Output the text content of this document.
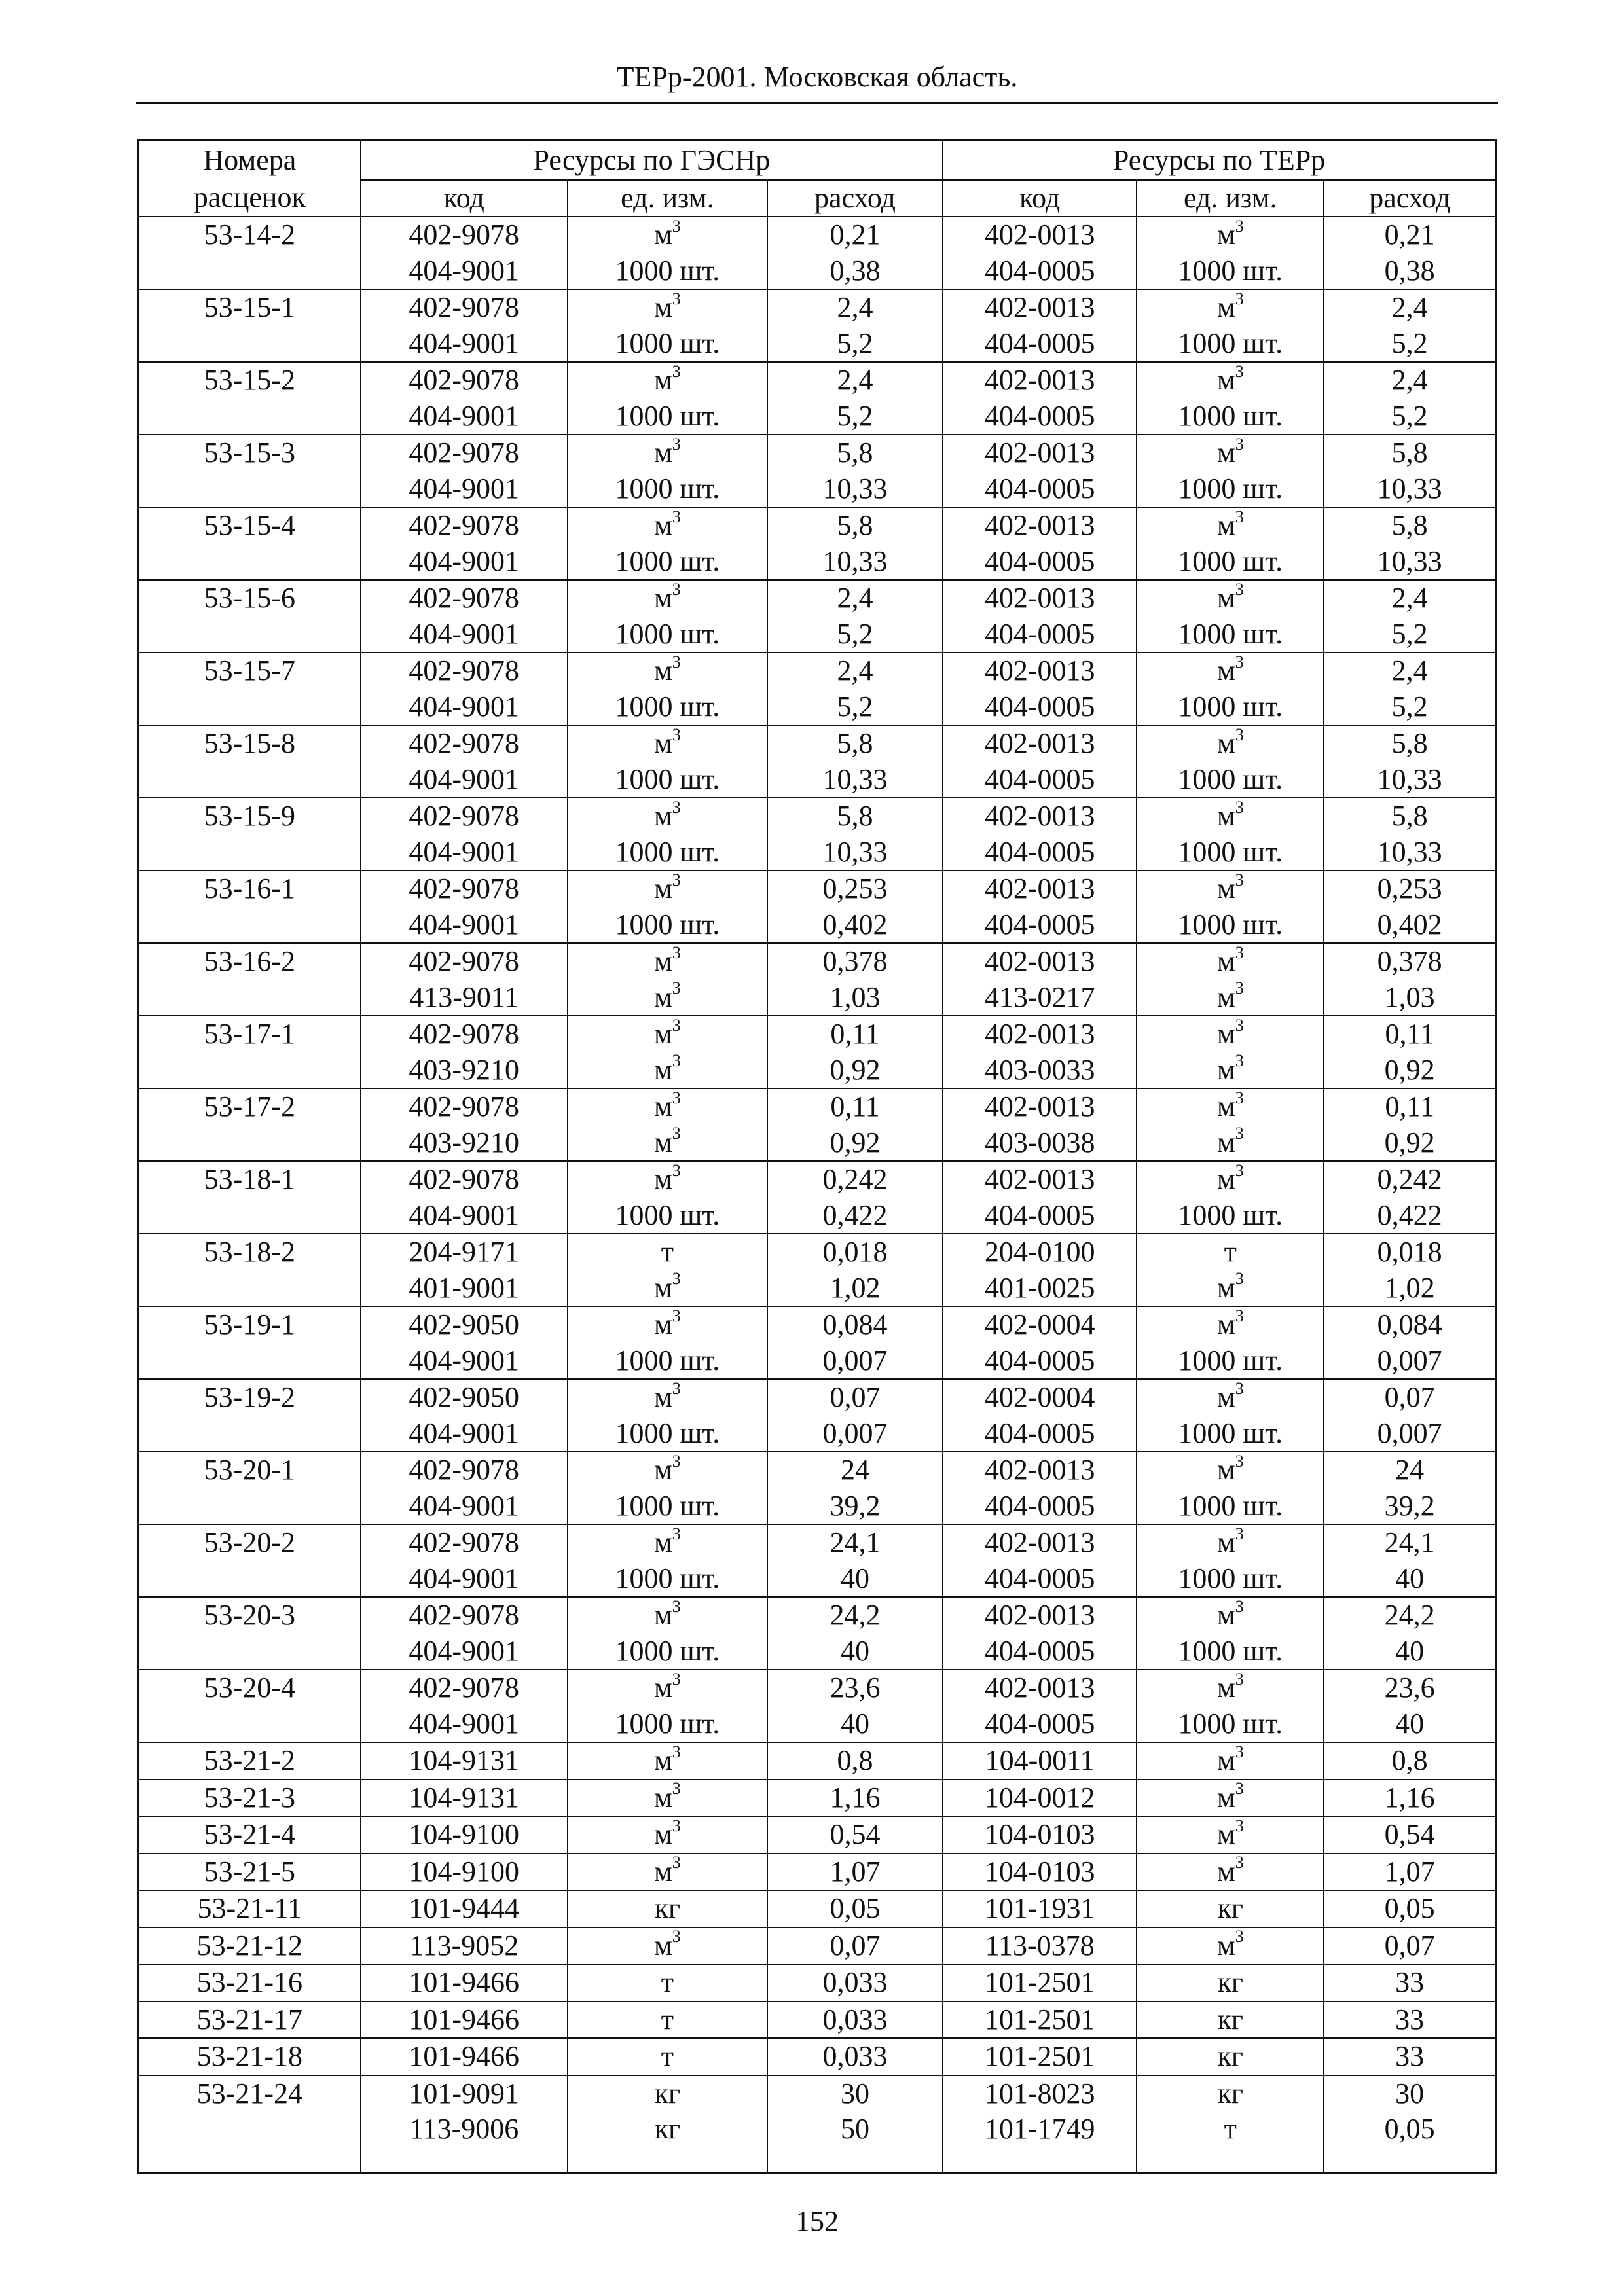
ТЕРр-2001. Московская область.
Номера	Ресурсы по ГЭСНр			Ресурсы по ТЕРр		
расценок	код	ед. изм.	расход	код	ед. изм.	расход
53-14-2	402-9078	$м^3$	0,21	402-0013	$м^3$	0,21
	404-9001	1000 шт.	0,38	404-0005	1000 шт.	0,38
53-15-1	402-9078	$м^3$	2,4	402-0013	$м^3$	2,4
	404-9001	1000 шт.	5,2	404-0005	1000 шт.	5,2
53-15-2	402-9078	$м^3$	2,4	402-0013	$м^3$	2,4
	404-9001	1000 шт.	5,2	404-0005	1000 шт.	5,2
53-15-3	402-9078	$м^3$	5,8	402-0013	$м^3$	5,8
	404-9001	1000 шт.	10,33	404-0005	1000 шт.	10,33
53-15-4	402-9078	$м^3$	5,8	402-0013	$м^3$	5,8
	404-9001	1000 шт.	10,33	404-0005	1000 шт.	10,33
53-15-6	402-9078	$м^3$	2,4	402-0013	$м^3$	2,4
	404-9001	1000 шт.	5,2	404-0005	1000 шт.	5,2
53-15-7	402-9078	$м^3$	2,4	402-0013	$м^3$	2,4
	404-9001	1000 шт.	5,2	404-0005	1000 шт.	5,2
53-15-8	402-9078	$м^3$	5,8	402-0013	$м^3$	5,8
	404-9001	1000 шт.	10,33	404-0005	1000 шт.	10,33
53-15-9	402-9078	$м^3$	5,8	402-0013	$м^3$	5,8
	404-9001	1000 шт.	10,33	404-0005	1000 шт.	10,33
53-16-1	402-9078	$м^3$	0,253	402-0013	$м^3$	0,253
	404-9001	1000 шт.	0,402	404-0005	1000 шт.	0,402
53-16-2	402-9078	$м^3$	0,378	402-0013	$м^3$	0,378
	413-9011	$м^3$	1,03	413-0217	$м^3$	1,03
53-17-1	402-9078	$м^3$	0,11	402-0013	$м^3$	0,11
	403-9210	$м^3$	0,92	403-0033	$м^3$	0,92
53-17-2	402-9078	$м^3$	0,11	402-0013	$м^3$	0,11
	403-9210	$м^3$	0,92	403-0038	$м^3$	0,92
53-18-1	402-9078	$м^3$	0,242	402-0013	$м^3$	0,242
	404-9001	1000 шт.	0,422	404-0005	1000 шт.	0,422
53-18-2	204-9171	т	0,018	204-0100	т	0,018
	401-9001	$м^3$	1,02	401-0025	$м^3$	1,02
53-19-1	402-9050	$м^3$	0,084	402-0004	$м^3$	0,084
	404-9001	1000 шт.	0,007	404-0005	1000 шт.	0,007
53-19-2	402-9050	$м^3$	0,07	402-0004	$м^3$	0,07
	404-9001	1000 шт.	0,007	404-0005	1000 шт.	0,007
53-20-1	402-9078	$м^3$	24	402-0013	$м^3$	24
	404-9001	1000 шт.	39,2	404-0005	1000 шт.	39,2
53-20-2	402-9078	$м^3$	24,1	402-0013	$м^3$	24,1
	404-9001	1000 шт.	40	404-0005	1000 шт.	40
53-20-3	402-9078	$м^3$	24,2	402-0013	$м^3$	24,2
	404-9001	1000 шт.	40	404-0005	1000 шт.	40
53-20-4	402-9078	$м^3$	23,6	402-0013	$м^3$	23,6
	404-9001	1000 шт.	40	404-0005	1000 шт.	40
53-21-2	104-9131	$м^3$	0,8	104-0011	$м^3$	0,8
53-21-3	104-9131	$м^3$	1,16	104-0012	$м^3$	1,16
53-21-4	104-9100	$м^3$	0,54	104-0103	$м^3$	0,54
53-21-5	104-9100	$м^3$	1,07	104-0103	$м^3$	1,07
53-21-11	101-9444	кг	0,05	101-1931	кг	0,05
53-21-12	113-9052	$м^3$	0,07	113-0378	$м^3$	0,07
53-21-16	101-9466	т	0,033	101-2501	кг	33
53-21-17	101-9466	т	0,033	101-2501	кг	33
53-21-18	101-9466	т	0,033	101-2501	кг	33
53-21-24	101-9091	кг	30	101-8023	кг	30
	113-9006	кг	50	101-1749	т	0,05

152
